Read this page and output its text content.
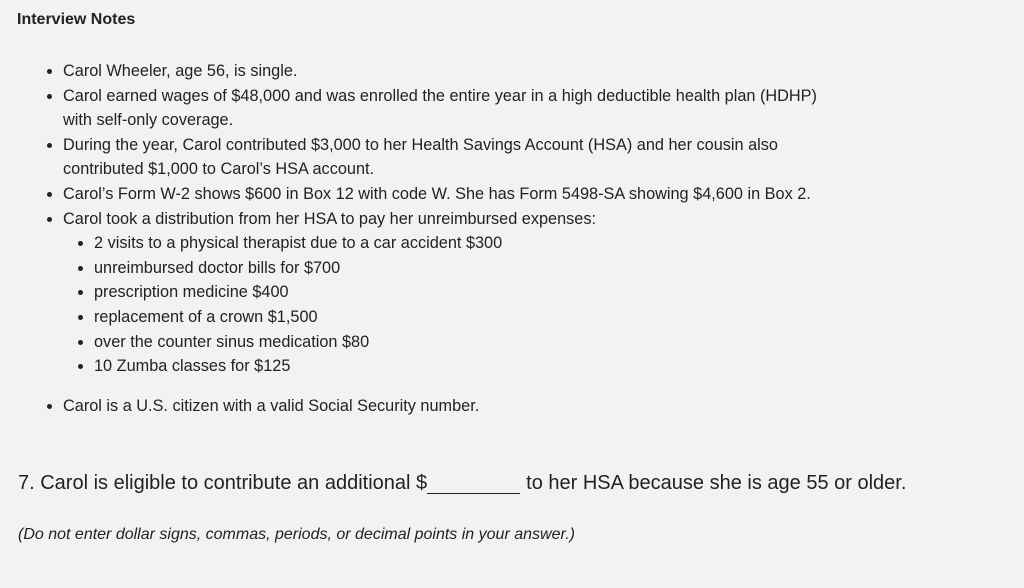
Interview Notes
• Carol Wheeler, age 56, is single.
• Carol earned wages of $48,000 and was enrolled the entire year in a high deductible health plan (HDHP) with self-only coverage.
• During the year, Carol contributed $3,000 to her Health Savings Account (HSA) and her cousin also contributed $1,000 to Carol’s HSA account.
• Carol’s Form W-2 shows $600 in Box 12 with code W. She has Form 5498-SA showing $4,600 in Box 2.
• Carol took a distribution from her HSA to pay her unreimbursed expenses:
• 2 visits to a physical therapist due to a car accident $300
• unreimbursed doctor bills for $700
• prescription medicine $400
• replacement of a crown $1,500
• over the counter sinus medication $80
• 10 Zumba classes for $125
• Carol is a U.S. citizen with a valid Social Security number.
7. Carol is eligible to contribute an additional $	to her HSA because she is age 55 or older.
(Do not enter dollar signs, commas, periods, or decimal points in your answer.)
